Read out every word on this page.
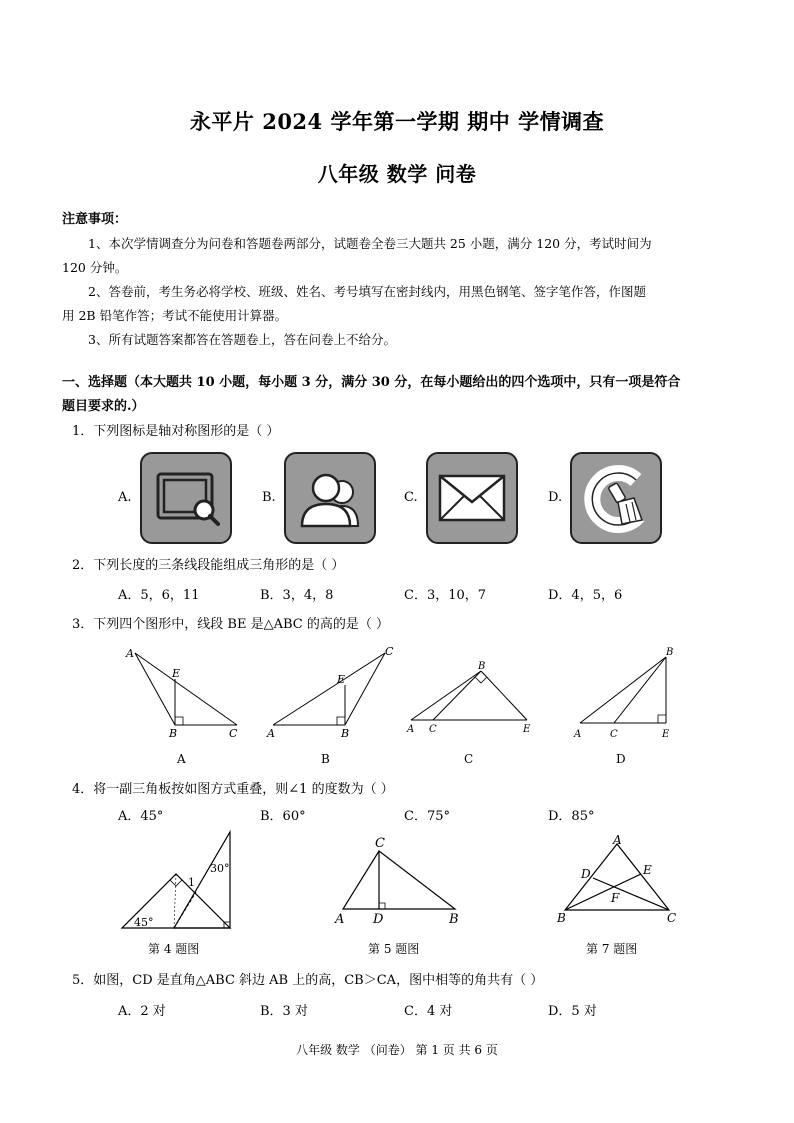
永平片 2024 学年第一学期 期中 学情调查
八年级 数学 问卷
注意事项：
1、本次学情调查分为问卷和答题卷两部分，试题卷全卷三大题共 25 小题，满分 120 分，考试时间为
120 分钟。
2、答卷前，考生务必将学校、班级、姓名、考号填写在密封线内，用黑色钢笔、签字笔作答，作图题
用 2B 铅笔作答；考试不能使用计算器。
3、所有试题答案都答在答题卷上，答在问卷上不给分。
一、选择题（本大题共 10 小题，每小题 3 分，满分 30 分，在每小题给出的四个选项中，只有一项是符合
题目要求的.）
1．下列图标是轴对称图形的是（ ）
A.	B.	C.	D.
2．下列长度的三条线段能组成三角形的是（ ）
A．5，6，11	B．3，4，8	C．3，10，7	D．4，5，6
3．下列四个图形中，线段 BE 是△ABC 的高的是（ ）
A
E
B	C	A
E
B
C
B
A C	E
B
A	C	E
A	B	C	D
4．将一副三角板按如图方式重叠，则∠1 的度数为（ ）
A．45°	B．60°	C．75°	D．85°
45°
30°
1
C
A D	B
A
D	E
F
B	C
第 4 题图	第 5 题图	第 7 题图
5．如图，CD 是直角△ABC 斜边 AB 上的高，CB＞CA，图中相等的角共有（ ）
A．2 对	B．3 对	C．4 对	D．5 对
八年级 数学 （问卷） 第 1 页 共 6 页
